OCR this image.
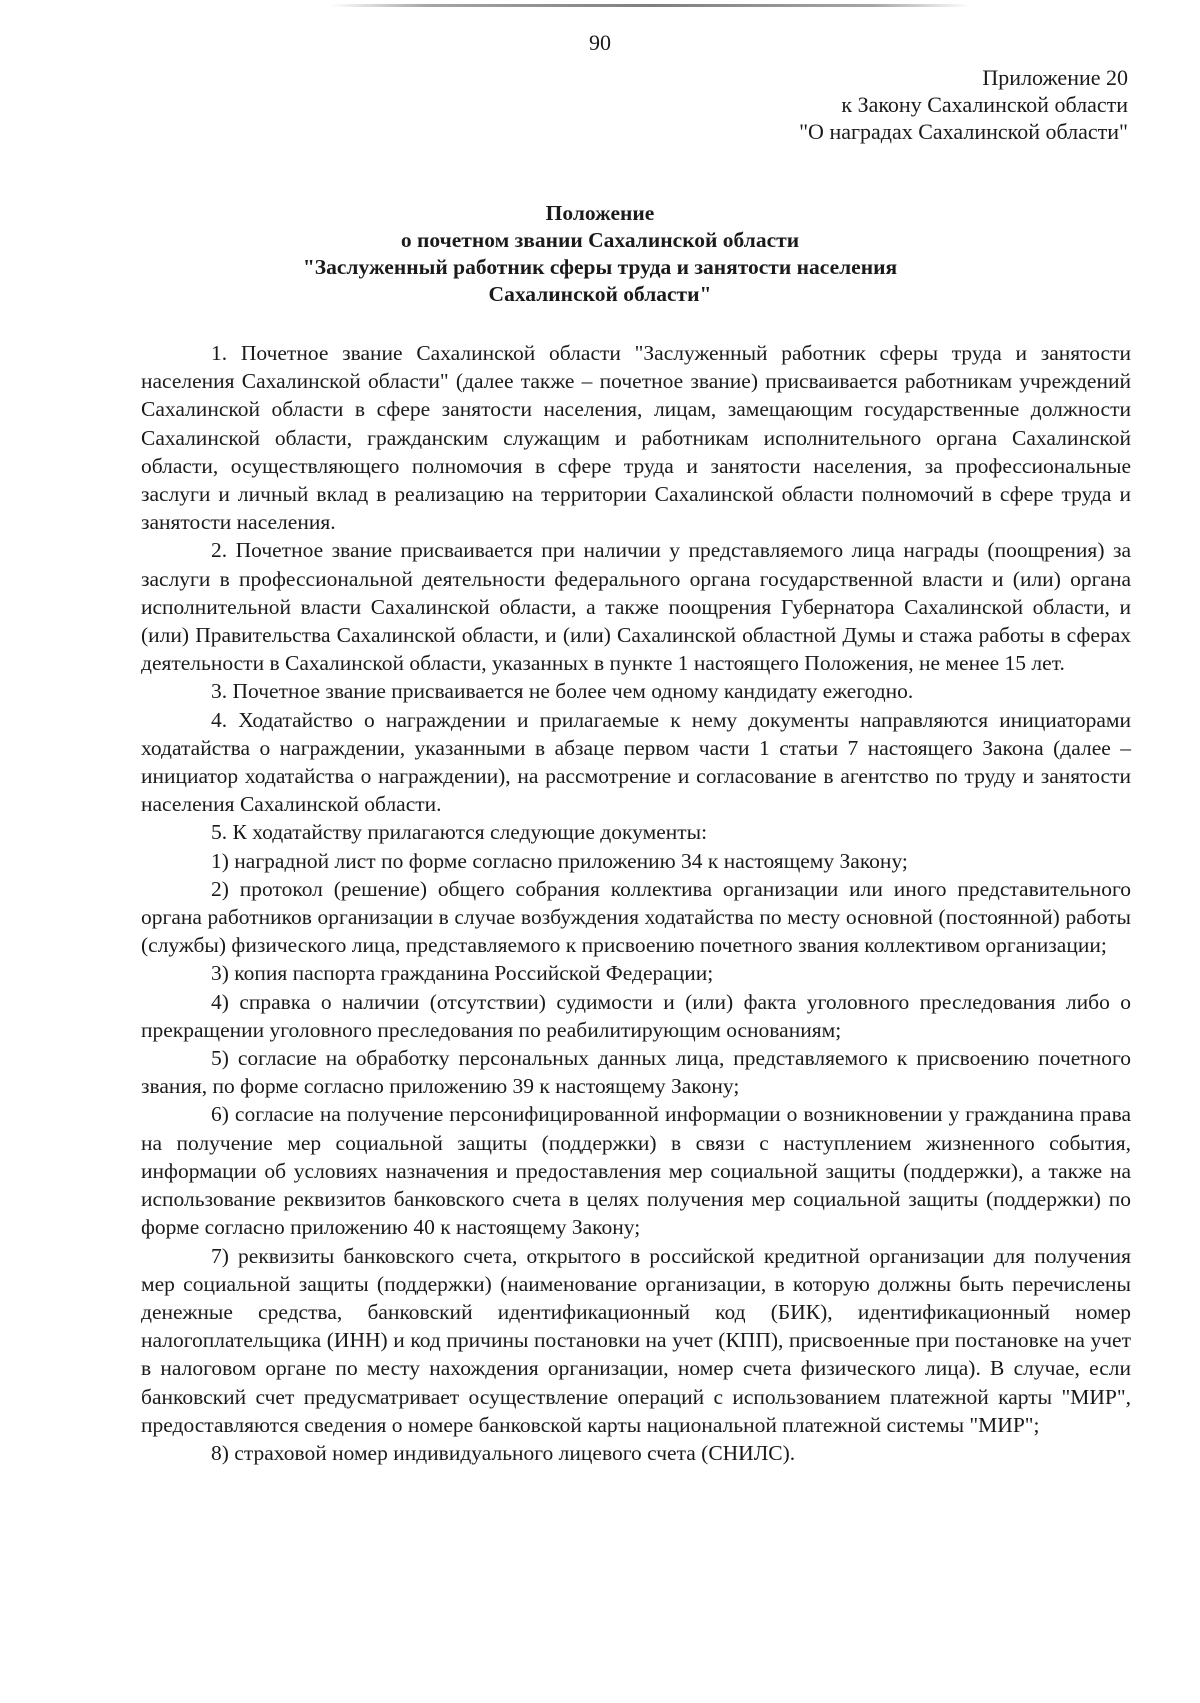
90
Приложение 20
к Закону Сахалинской области
"О наградах Сахалинской области"
Положение
о почетном звании Сахалинской области
"Заслуженный работник сферы труда и занятости населения
Сахалинской области"

1. Почетное звание Сахалинской области "Заслуженный работник сферы труда и занятости населения Сахалинской области" (далее также – почетное звание) присваивается работникам учреждений Сахалинской области в сфере занятости населения, лицам, замещающим государственные должности Сахалинской области, гражданским служащим и работникам исполнительного органа Сахалинской области, осуществляющего полномочия в сфере труда и занятости населения, за профессиональные заслуги и личный вклад в реализацию на территории Сахалинской области полномочий в сфере труда и занятости населения.

2. Почетное звание присваивается при наличии у представляемого лица награды (поощрения) за заслуги в профессиональной деятельности федерального органа государственной власти и (или) органа исполнительной власти Сахалинской области, а также поощрения Губернатора Сахалинской области, и (или) Правительства Сахалинской области, и (или) Сахалинской областной Думы и стажа работы в сферах деятельности в Сахалинской области, указанных в пункте 1 настоящего Положения, не менее 15 лет.

3. Почетное звание присваивается не более чем одному кандидату ежегодно.

4. Ходатайство о награждении и прилагаемые к нему документы направляются инициаторами ходатайства о награждении, указанными в абзаце первом части 1 статьи 7 настоящего Закона (далее – инициатор ходатайства о награждении), на рассмотрение и согласование в агентство по труду и занятости населения Сахалинской области.

5. К ходатайству прилагаются следующие документы:

1) наградной лист по форме согласно приложению 34 к настоящему Закону;

2) протокол (решение) общего собрания коллектива организации или иного представительного органа работников организации в случае возбуждения ходатайства по месту основной (постоянной) работы (службы) физического лица, представляемого к присвоению почетного звания коллективом организации;

3) копия паспорта гражданина Российской Федерации;

4) справка о наличии (отсутствии) судимости и (или) факта уголовного преследования либо о прекращении уголовного преследования по реабилитирующим основаниям;

5) согласие на обработку персональных данных лица, представляемого к присвоению почетного звания, по форме согласно приложению 39 к настоящему Закону;

6) согласие на получение персонифицированной информации о возникновении у гражданина права на получение мер социальной защиты (поддержки) в связи с наступлением жизненного события, информации об условиях назначения и предоставления мер социальной защиты (поддержки), а также на использование реквизитов банковского счета в целях получения мер социальной защиты (поддержки) по форме согласно приложению 40 к настоящему Закону;

7) реквизиты банковского счета, открытого в российской кредитной организации для получения мер социальной защиты (поддержки) (наименование организации, в которую должны быть перечислены денежные средства, банковский идентификационный код (БИК), идентификационный номер налогоплательщика (ИНН) и код причины постановки на учет (КПП), присвоенные при постановке на учет в налоговом органе по месту нахождения организации, номер счета физического лица). В случае, если банковский счет предусматривает осуществление операций с использованием платежной карты "МИР", предоставляются сведения о номере банковской карты национальной платежной системы "МИР";

8) страховой номер индивидуального лицевого счета (СНИЛС).
